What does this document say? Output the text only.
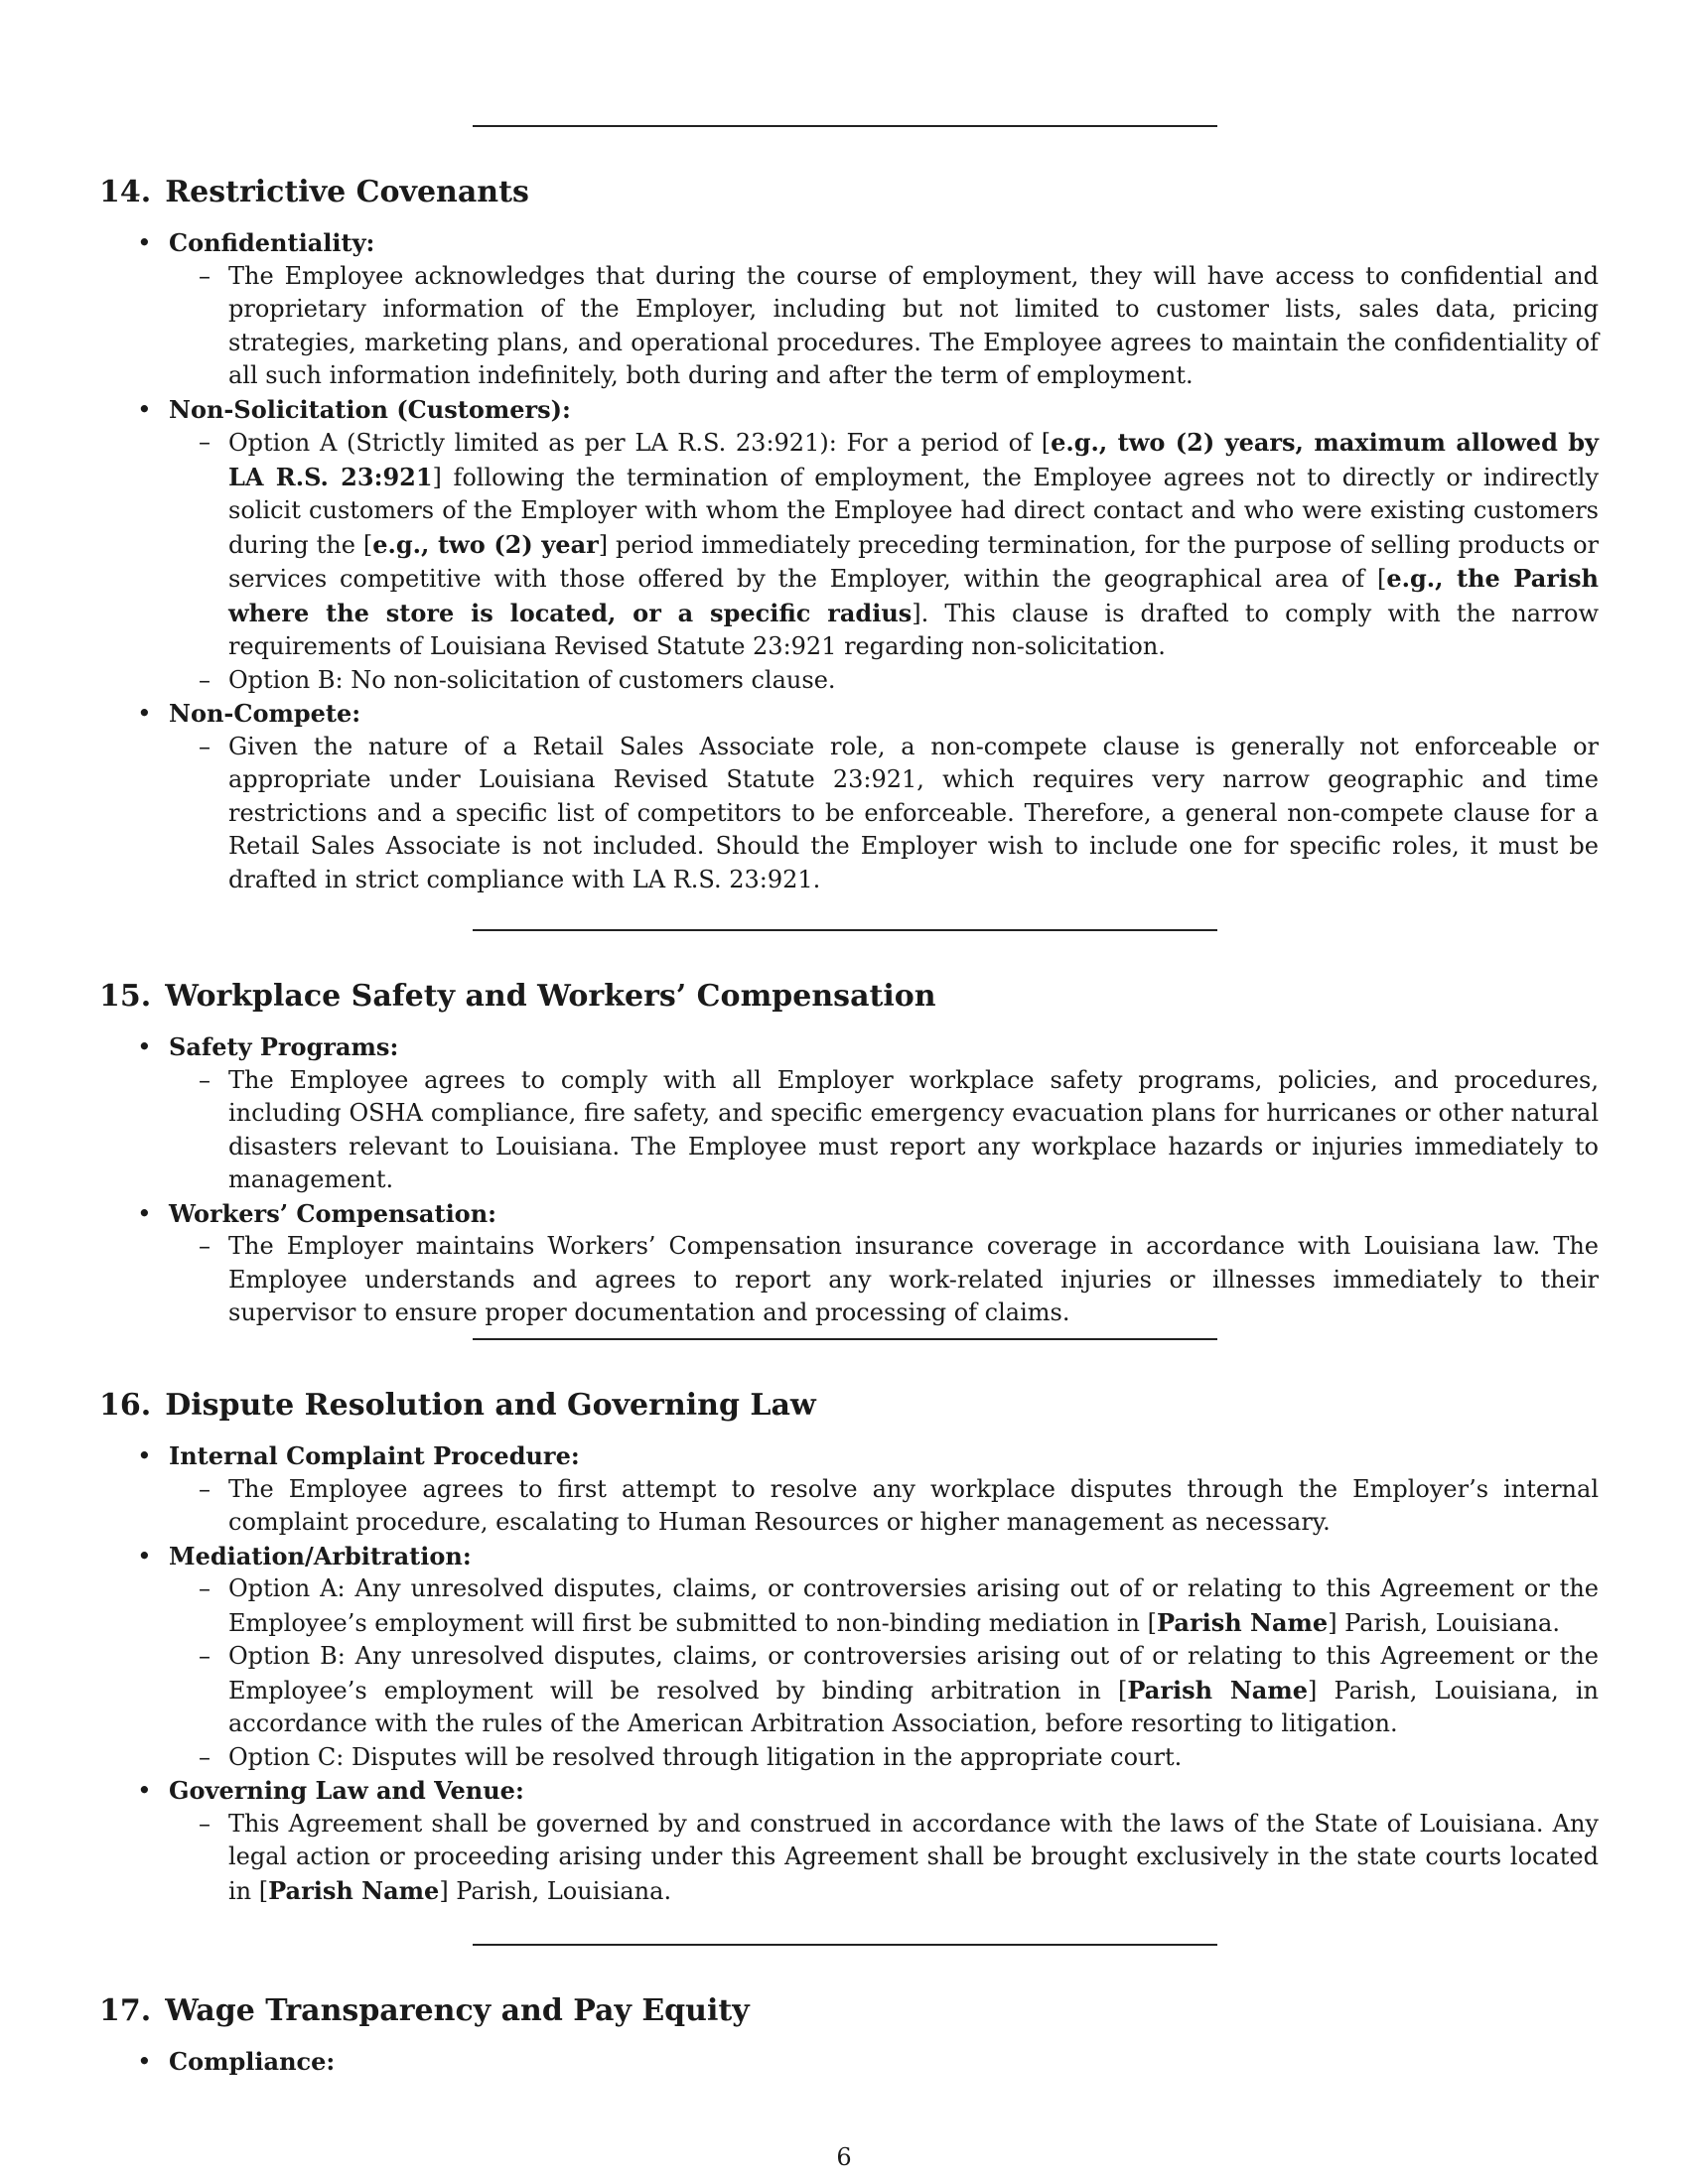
14. Restrictive Covenants
• Confidentiality:
– The Employee acknowledges that during the course of employment, they will have access to confidential and proprietary information of the Employer, including but not limited to customer lists, sales data, pricing strategies, marketing plans, and operational procedures. The Employee agrees to maintain the confidentiality of all such information indefinitely, both during and after the term of employment.
• Non-Solicitation (Customers):
– Option A (Strictly limited as per LA R.S. 23:921): For a period of [e.g., two (2) years, maximum allowed by LA R.S. 23:921] following the termination of employment, the Employee agrees not to directly or indirectly solicit customers of the Employer with whom the Employee had direct contact and who were existing customers during the [e.g., two (2) year] period immediately preceding termination, for the purpose of selling products or services competitive with those offered by the Employer, within the geographical area of [e.g., the Parish where the store is located, or a specific radius]. This clause is drafted to comply with the narrow requirements of Louisiana Revised Statute 23:921 regarding non-solicitation.
– Option B: No non-solicitation of customers clause.
• Non-Compete:
– Given the nature of a Retail Sales Associate role, a non-compete clause is generally not enforceable or appropriate under Louisiana Revised Statute 23:921, which requires very narrow geographic and time restrictions and a specific list of competitors to be enforceable. Therefore, a general non-compete clause for a Retail Sales Associate is not included. Should the Employer wish to include one for specific roles, it must be drafted in strict compliance with LA R.S. 23:921.
15. Workplace Safety and Workers’ Compensation
• Safety Programs:
– The Employee agrees to comply with all Employer workplace safety programs, policies, and procedures, including OSHA compliance, fire safety, and specific emergency evacuation plans for hurricanes or other natural disasters relevant to Louisiana. The Employee must report any workplace hazards or injuries immediately to management.
• Workers’ Compensation:
– The Employer maintains Workers’ Compensation insurance coverage in accordance with Louisiana law. The Employee understands and agrees to report any work-related injuries or illnesses immediately to their supervisor to ensure proper documentation and processing of claims.
16. Dispute Resolution and Governing Law
• Internal Complaint Procedure:
– The Employee agrees to first attempt to resolve any workplace disputes through the Employer’s internal complaint procedure, escalating to Human Resources or higher management as necessary.
• Mediation/Arbitration:
– Option A: Any unresolved disputes, claims, or controversies arising out of or relating to this Agreement or the Employee’s employment will first be submitted to non-binding mediation in [Parish Name] Parish, Louisiana.
– Option B: Any unresolved disputes, claims, or controversies arising out of or relating to this Agreement or the Employee’s employment will be resolved by binding arbitration in [Parish Name] Parish, Louisiana, in accordance with the rules of the American Arbitration Association, before resorting to litigation.
– Option C: Disputes will be resolved through litigation in the appropriate court.
• Governing Law and Venue:
– This Agreement shall be governed by and construed in accordance with the laws of the State of Louisiana. Any legal action or proceeding arising under this Agreement shall be brought exclusively in the state courts located in [Parish Name] Parish, Louisiana.
17. Wage Transparency and Pay Equity
• Compliance:
6
